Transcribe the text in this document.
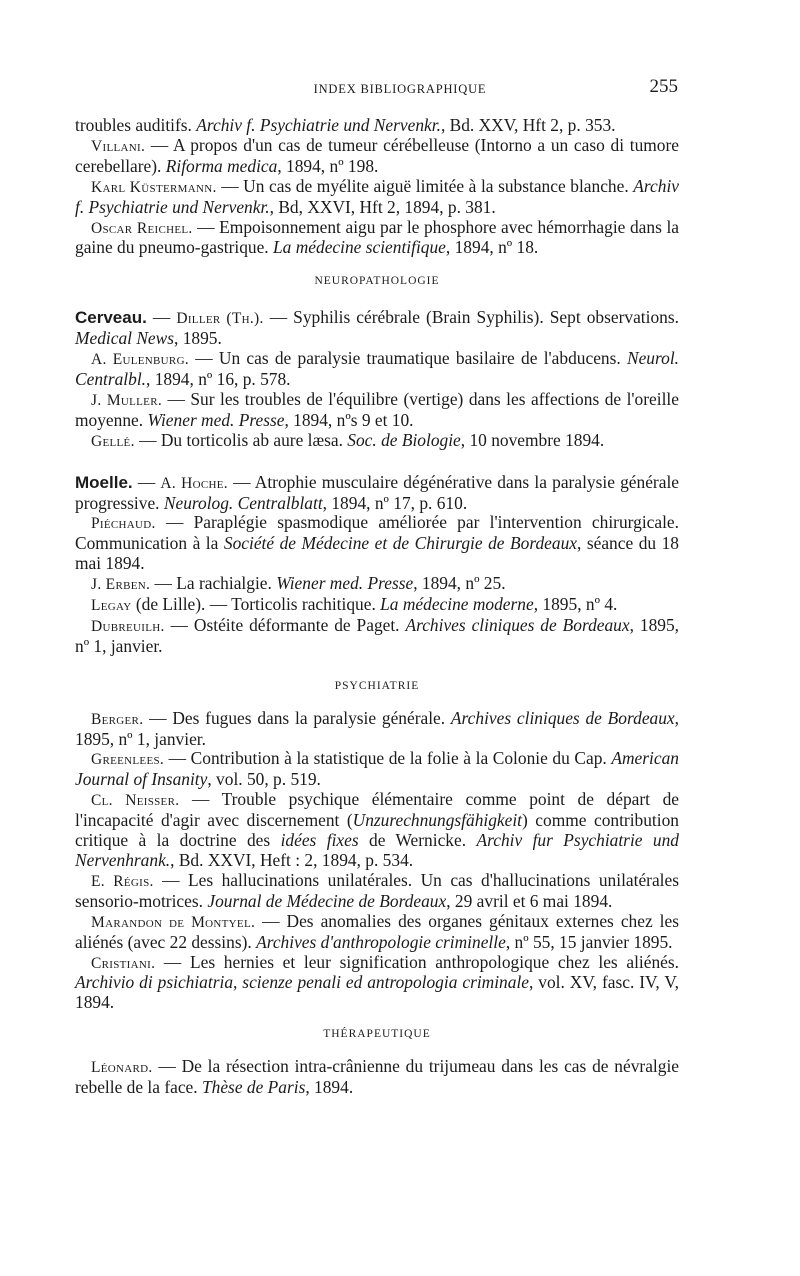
INDEX BIBLIOGRAPHIQUE	255

troubles auditifs. Archiv f. Psychiatrie und Nervenkr., Bd. XXV, Hft 2, p. 353.

Villani. — A propos d'un cas de tumeur cérébelleuse (Intorno a un caso di tumore cerebellare). Riforma medica, 1894, nº 198.

Karl Küstermann. — Un cas de myélite aiguë limitée à la substance blanche. Archiv f. Psychiatrie und Nervenkr., Bd, XXVI, Hft 2, 1894, p. 381.

Oscar Reichel. — Empoisonnement aigu par le phosphore avec hémorrhagie dans la gaine du pneumo-gastrique. La médecine scientifique, 1894, nº 18.

NEUROPATHOLOGIE

Cerveau. — Diller (Th.). — Syphilis cérébrale (Brain Syphilis). Sept observations. Medical News, 1895.

A. Eulenburg. — Un cas de paralysie traumatique basilaire de l'abducens. Neurol. Centralbl., 1894, nº 16, p. 578.

J. Muller. — Sur les troubles de l'équilibre (vertige) dans les affections de l'oreille moyenne. Wiener med. Presse, 1894, nºs 9 et 10.

Gellé. — Du torticolis ab aure læsa. Soc. de Biologie, 10 novembre 1894.

Moelle. — A. Hoche. — Atrophie musculaire dégénérative dans la paralysie générale progressive. Neurolog. Centralblatt, 1894, nº 17, p. 610.

Piéchaud. — Paraplégie spasmodique améliorée par l'intervention chirurgicale. Communication à la Société de Médecine et de Chirurgie de Bordeaux, séance du 18 mai 1894.

J. Erben. — La rachialgie. Wiener med. Presse, 1894, nº 25.

Legay (de Lille). — Torticolis rachitique. La médecine moderne, 1895, nº 4.

Dubreuilh. — Ostéite déformante de Paget. Archives cliniques de Bordeaux, 1895, nº 1, janvier.

PSYCHIATRIE

Berger. — Des fugues dans la paralysie générale. Archives cliniques de Bordeaux, 1895, nº 1, janvier.

Greenlees. — Contribution à la statistique de la folie à la Colonie du Cap. American Journal of Insanity, vol. 50, p. 519.

Cl. Neisser. — Trouble psychique élémentaire comme point de départ de l'incapacité d'agir avec discernement (Unzurechnungsfähigkeit) comme contribution critique à la doctrine des idées fixes de Wernicke. Archiv fur Psychiatrie und Nervenhrank., Bd. XXVI, Heft : 2, 1894, p. 534.

E. Régis. — Les hallucinations unilatérales. Un cas d'hallucinations unilatérales sensorio-motrices. Journal de Médecine de Bordeaux, 29 avril et 6 mai 1894.

Marandon de Montyel. — Des anomalies des organes génitaux externes chez les aliénés (avec 22 dessins). Archives d'anthropologie criminelle, nº 55, 15 janvier 1895.

Cristiani. — Les hernies et leur signification anthropologique chez les aliénés. Archivio di psichiatria, scienze penali ed antropologia criminale, vol. XV, fasc. IV, V, 1894.

THÉRAPEUTIQUE

Léonard. — De la résection intra-crânienne du trijumeau dans les cas de névralgie rebelle de la face. Thèse de Paris, 1894.
